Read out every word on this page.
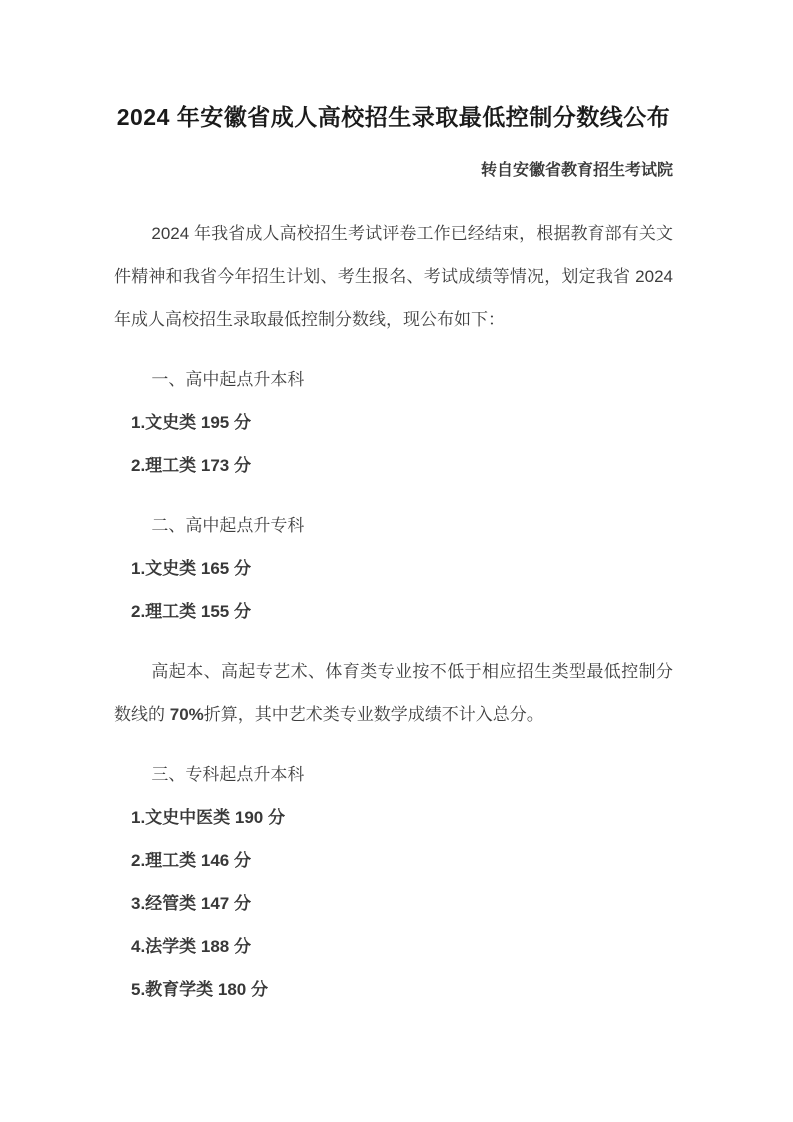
2024 年安徽省成人高校招生录取最低控制分数线公布

转自安徽省教育招生考试院

2024 年我省成人高校招生考试评卷工作已经结束，根据教育部有关文件精神和我省今年招生计划、考生报名、考试成绩等情况，划定我省 2024 年成人高校招生录取最低控制分数线，现公布如下：

一、高中起点升本科

1.文史类 195 分

2.理工类 173 分

二、高中起点升专科

1.文史类 165 分

2.理工类 155 分

高起本、高起专艺术、体育类专业按不低于相应招生类型最低控制分数线的 70%折算，其中艺术类专业数学成绩不计入总分。

三、专科起点升本科

1.文史中医类 190 分

2.理工类 146 分

3.经管类 147 分

4.法学类 188 分

5.教育学类 180 分
